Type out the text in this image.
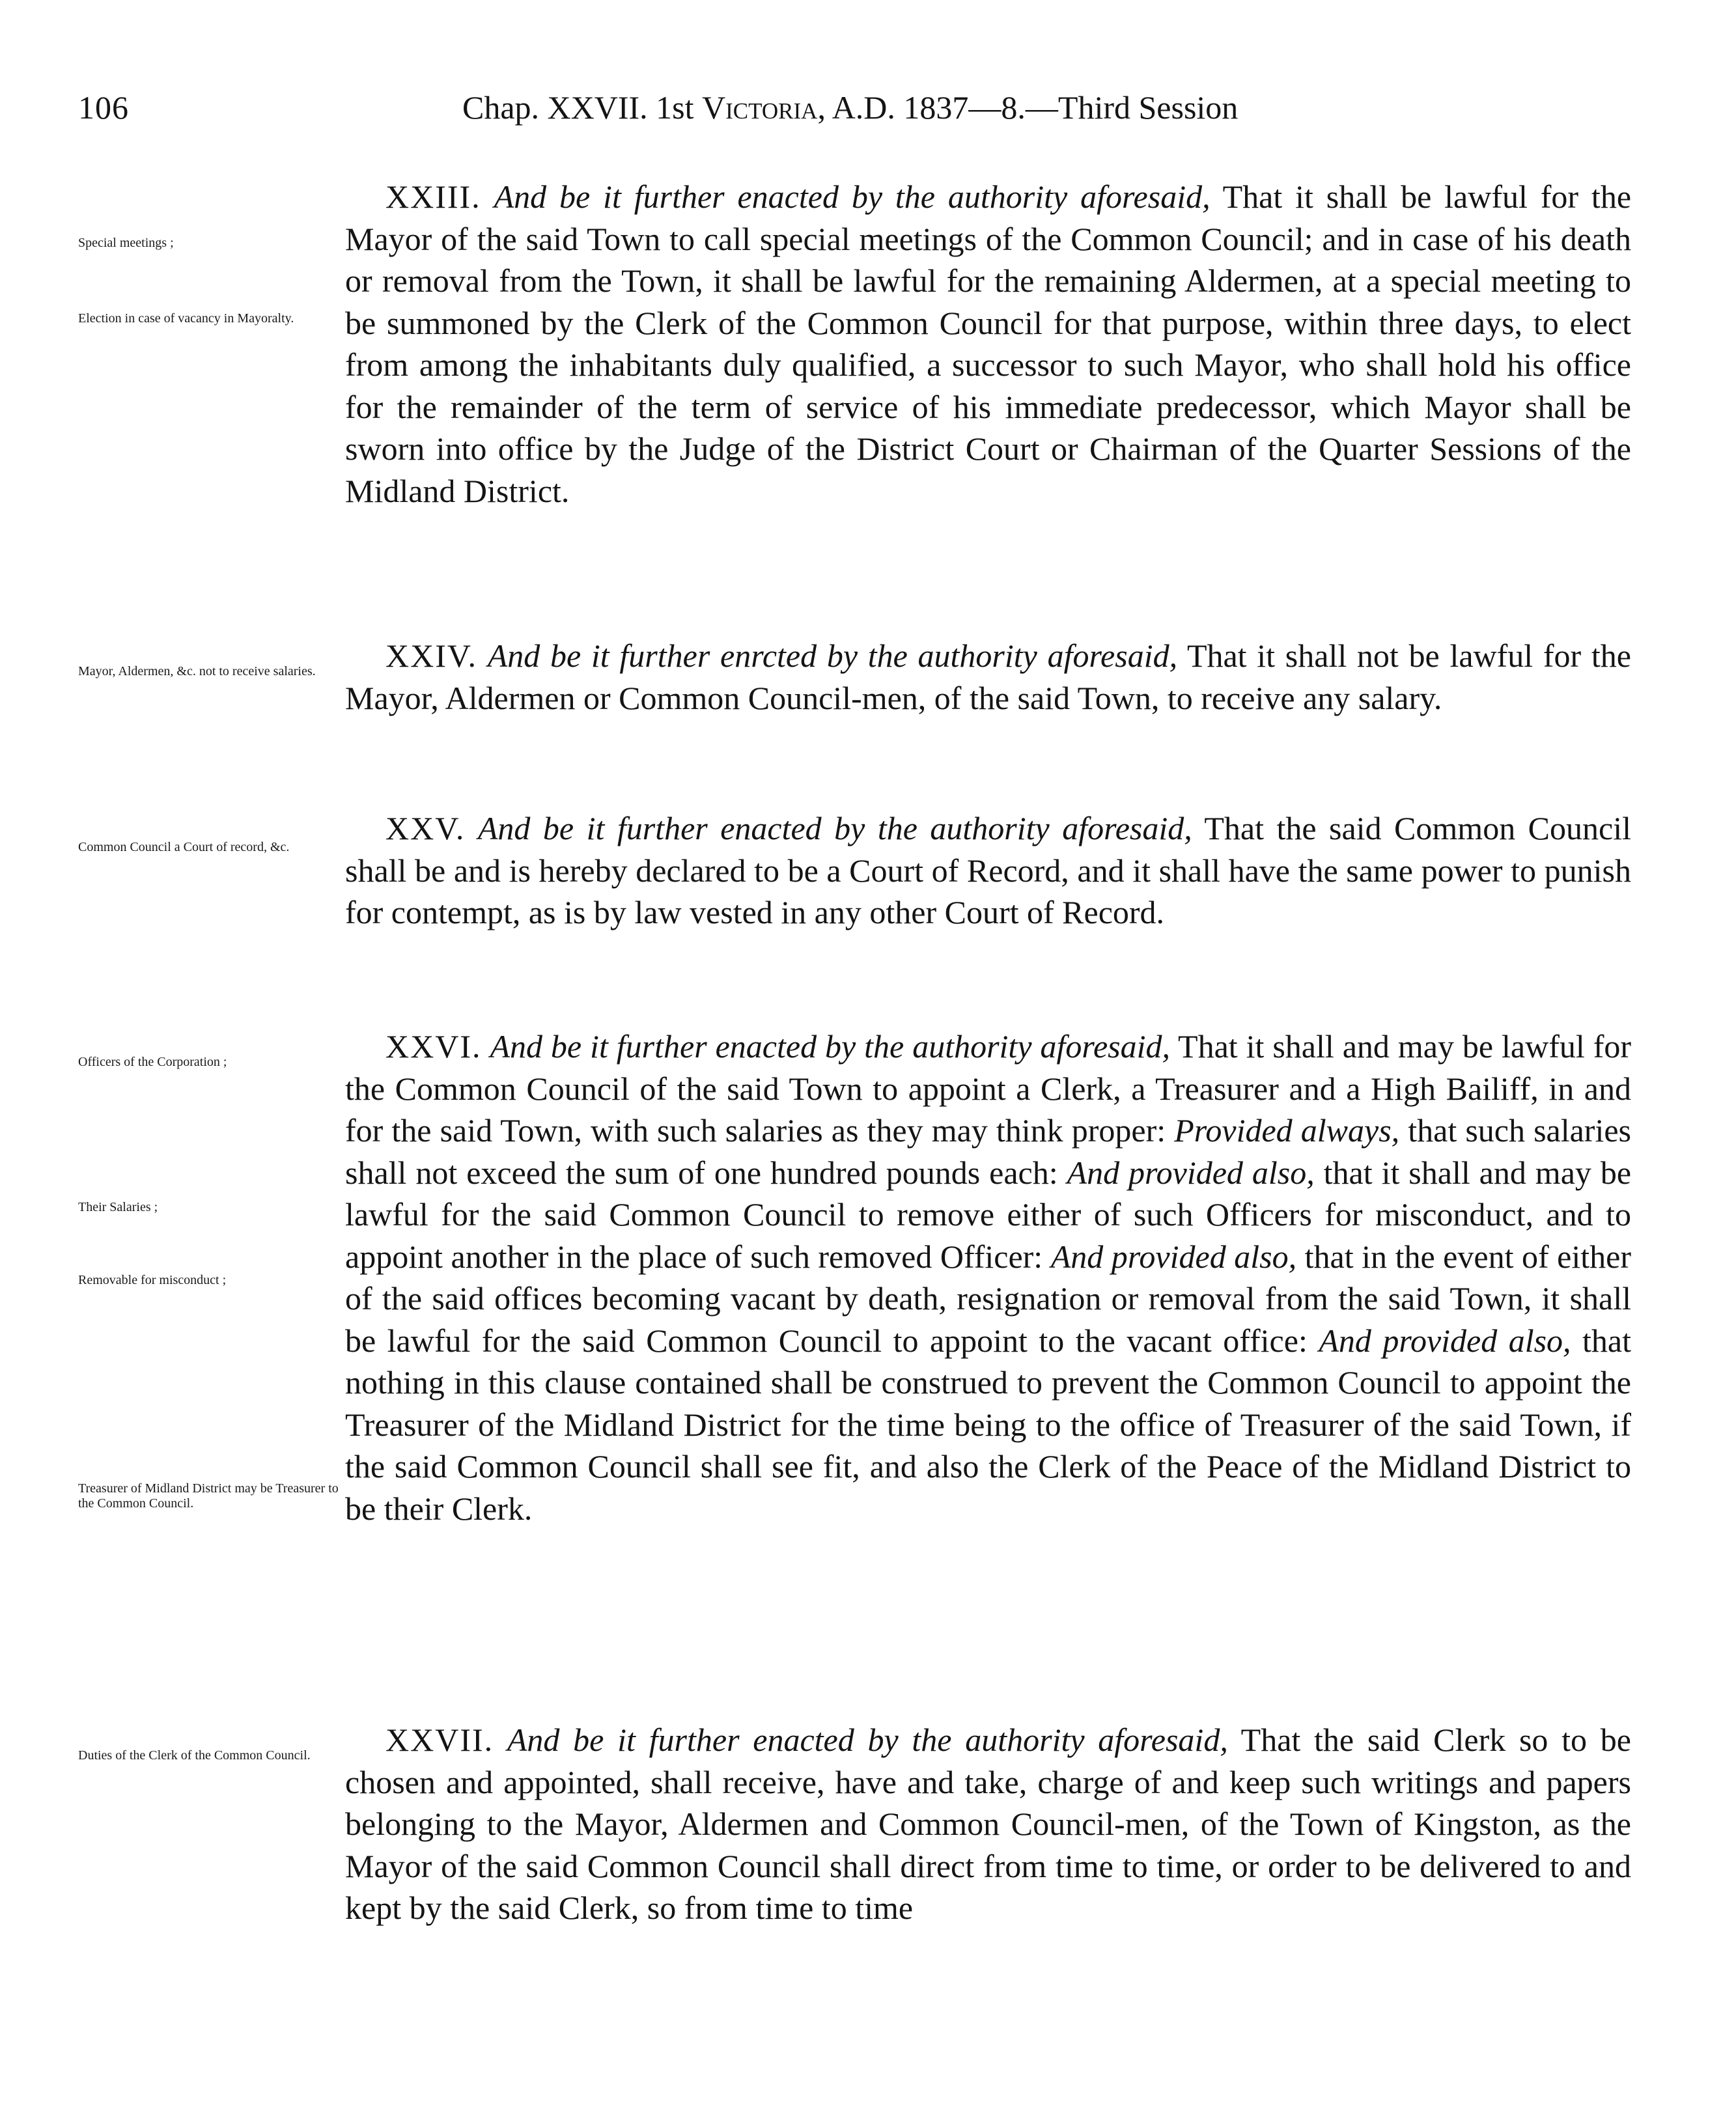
106	Chap. XXVII. 1st Victoria, A.D. 1837—8.—Third Session
Special meetings ;
Election in case of vacancy in Mayoralty.
Mayor, Aldermen, &c. not to receive salaries.
Common Council a Court of record, &c.
Officers of the Corporation ;
Their Salaries ;
Removable for misconduct ;
Treasurer of Midland District may be Treasurer to the Common Council.
Duties of the Clerk of the Common Council.

XXIII. And be it further enacted by the authority aforesaid, That it shall be lawful for the Mayor of the said Town to call special meetings of the Common Council; and in case of his death or removal from the Town, it shall be lawful for the remaining Aldermen, at a special meeting to be summoned by the Clerk of the Common Council for that purpose, within three days, to elect from among the inhabitants duly qualified, a successor to such Mayor, who shall hold his office for the remainder of the term of service of his immediate predecessor, which Mayor shall be sworn into office by the Judge of the District Court or Chairman of the Quarter Sessions of the Midland District.

XXIV. And be it further enrcted by the authority aforesaid, That it shall not be lawful for the Mayor, Aldermen or Common Council-men, of the said Town, to receive any salary.

XXV. And be it further enacted by the authority aforesaid, That the said Common Council shall be and is hereby declared to be a Court of Record, and it shall have the same power to punish for contempt, as is by law vested in any other Court of Record.

XXVI. And be it further enacted by the authority aforesaid, That it shall and may be lawful for the Common Council of the said Town to appoint a Clerk, a Treasurer and a High Bailiff, in and for the said Town, with such salaries as they may think proper: Provided always, that such salaries shall not exceed the sum of one hundred pounds each: And provided also, that it shall and may be lawful for the said Common Council to remove either of such Officers for misconduct, and to appoint another in the place of such removed Officer: And provided also, that in the event of either of the said offices becoming vacant by death, resignation or removal from the said Town, it shall be lawful for the said Common Council to appoint to the vacant office: And provided also, that nothing in this clause contained shall be construed to prevent the Common Council to appoint the Treasurer of the Midland District for the time being to the office of Treasurer of the said Town, if the said Common Council shall see fit, and also the Clerk of the Peace of the Midland District to be their Clerk.

XXVII. And be it further enacted by the authority aforesaid, That the said Clerk so to be chosen and appointed, shall receive, have and take, charge of and keep such writings and papers belonging to the Mayor, Aldermen and Common Council-men, of the Town of Kingston, as the Mayor of the said Common Council shall direct from time to time, or order to be delivered to and kept by the said Clerk, so from time to time
